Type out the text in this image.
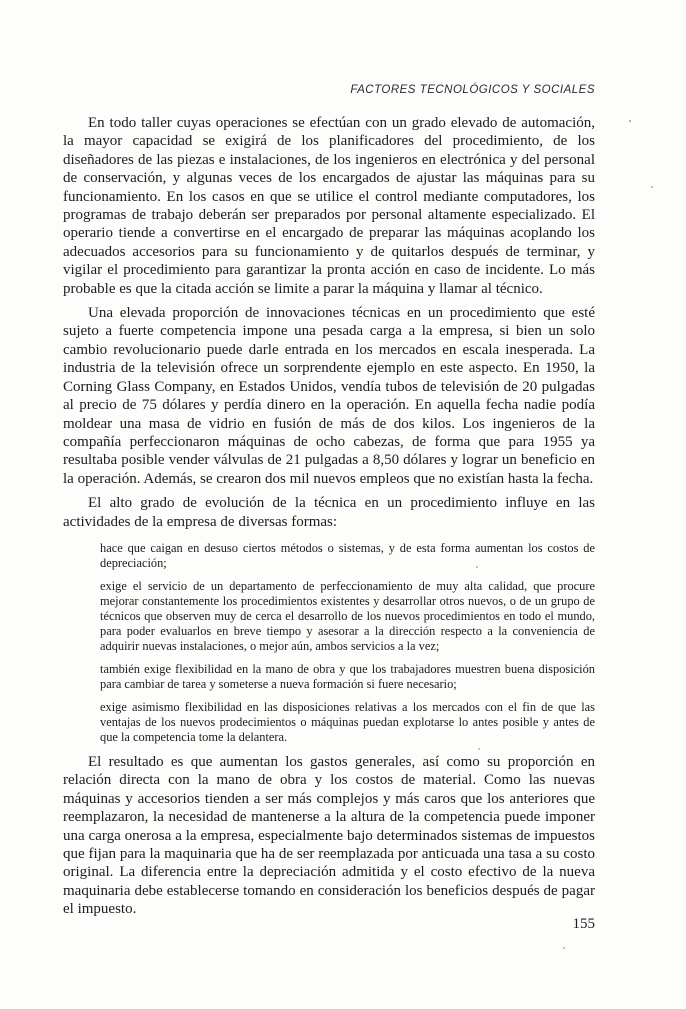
FACTORES TECNOLÓGICOS Y SOCIALES

En todo taller cuyas operaciones se efectúan con un grado elevado de automación, la mayor capacidad se exigirá de los planificadores del procedimiento, de los diseñadores de las piezas e instalaciones, de los ingenieros en electrónica y del personal de conservación, y algunas veces de los encargados de ajustar las máquinas para su funcionamiento. En los casos en que se utilice el control mediante computadores, los programas de trabajo deberán ser preparados por personal altamente especializado. El operario tiende a convertirse en el encargado de preparar las máquinas acoplando los adecuados accesorios para su funcionamiento y de quitarlos después de terminar, y vigilar el procedimiento para garantizar la pronta acción en caso de incidente. Lo más probable es que la citada acción se limite a parar la máquina y llamar al técnico.

Una elevada proporción de innovaciones técnicas en un procedimiento que esté sujeto a fuerte competencia impone una pesada carga a la empresa, si bien un solo cambio revolucionario puede darle entrada en los mercados en escala inesperada. La industria de la televisión ofrece un sorprendente ejemplo en este aspecto. En 1950, la Corning Glass Company, en Estados Unidos, vendía tubos de televisión de 20 pulgadas al precio de 75 dólares y perdía dinero en la operación. En aquella fecha nadie podía moldear una masa de vidrio en fusión de más de dos kilos. Los ingenieros de la compañía perfeccionaron máquinas de ocho cabezas, de forma que para 1955 ya resultaba posible vender válvulas de 21 pulgadas a 8,50 dólares y lograr un beneficio en la operación. Además, se crearon dos mil nuevos empleos que no existían hasta la fecha.

El alto grado de evolución de la técnica en un procedimiento influye en las actividades de la empresa de diversas formas:

hace que caigan en desuso ciertos métodos o sistemas, y de esta forma aumentan los costos de depreciación;

exige el servicio de un departamento de perfeccionamiento de muy alta calidad, que procure mejorar constantemente los procedimientos existentes y desarrollar otros nuevos, o de un grupo de técnicos que observen muy de cerca el desarrollo de los nuevos procedimientos en todo el mundo, para poder evaluarlos en breve tiempo y asesorar a la dirección respecto a la conveniencia de adquirir nuevas instalaciones, o mejor aún, ambos servicios a la vez;

también exige flexibilidad en la mano de obra y que los trabajadores muestren buena disposición para cambiar de tarea y someterse a nueva formación si fuere necesario;

exige asimismo flexibilidad en las disposiciones relativas a los mercados con el fin de que las ventajas de los nuevos prodecimientos o máquinas puedan explotarse lo antes posible y antes de que la competencia tome la delantera.

El resultado es que aumentan los gastos generales, así como su proporción en relación directa con la mano de obra y los costos de material. Como las nuevas máquinas y accesorios tienden a ser más complejos y más caros que los anteriores que reemplazaron, la necesidad de mantenerse a la altura de la competencia puede imponer una carga onerosa a la empresa, especialmente bajo determinados sistemas de impuestos que fijan para la maquinaria que ha de ser reemplazada por anticuada una tasa a su costo original. La diferencia entre la depreciación admitida y el costo efectivo de la nueva maquinaria debe establecerse tomando en consideración los beneficios después de pagar el impuesto.

155
